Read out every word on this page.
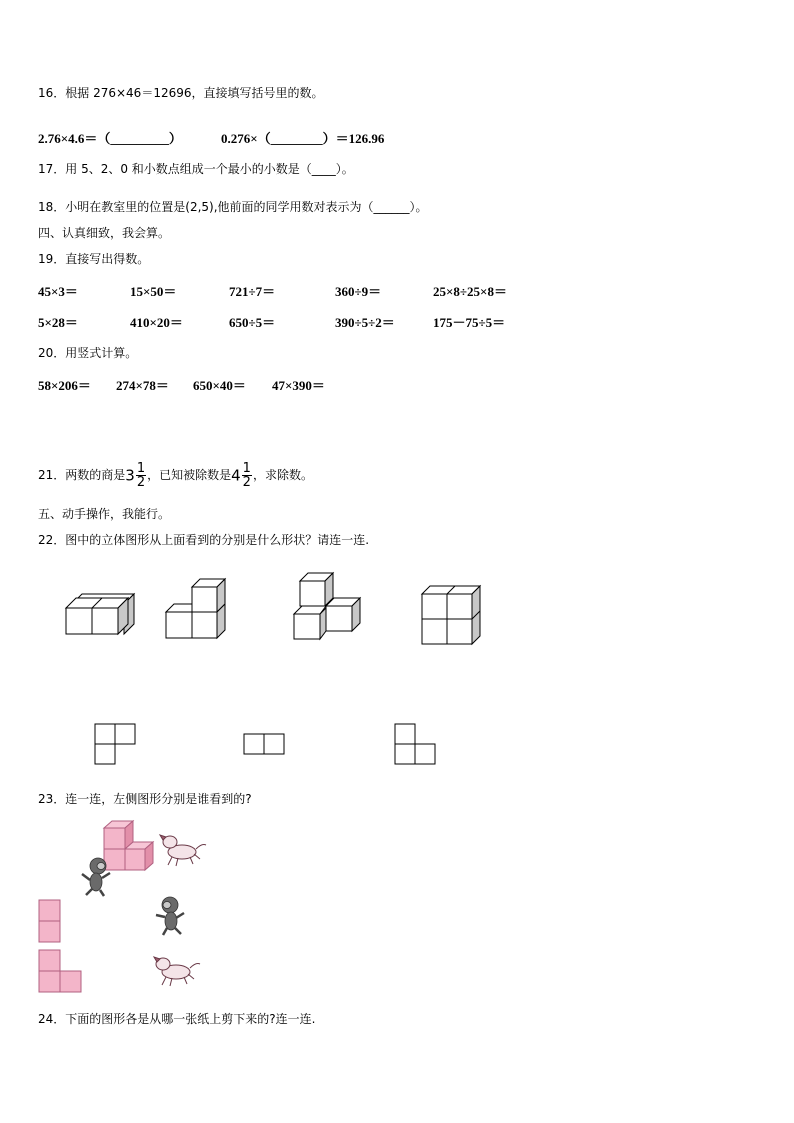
16．根据 276×46＝12696，直接填写括号里的数。
2.76×4.6＝（_________）	0.276×（________）＝126.96
17．用 5、2、0 和小数点组成一个最小的小数是（____）。
18．小明在教室里的位置是(2,5),他前面的同学用数对表示为（______）。
四、认真细致，我会算。
19．直接写出得数。
45×3＝	15×50＝	721÷7＝	360÷9＝	25×8÷25×8＝
5×28＝	410×20＝	650÷5＝	390÷5÷2＝	175－75÷5＝
20．用竖式计算。
58×206＝ 274×78＝ 650×40＝ 47×390＝
21．两数的商是$3 \frac{1}{2}$ ，已知被除数是$4 \frac{1}{2}$ ，求除数。
五、动手操作，我能行。
22．图中的立体图形从上面看到的分别是什么形状？请连一连.
23．连一连，左侧图形分别是谁看到的?
24．下面的图形各是从哪一张纸上剪下来的?连一连.
